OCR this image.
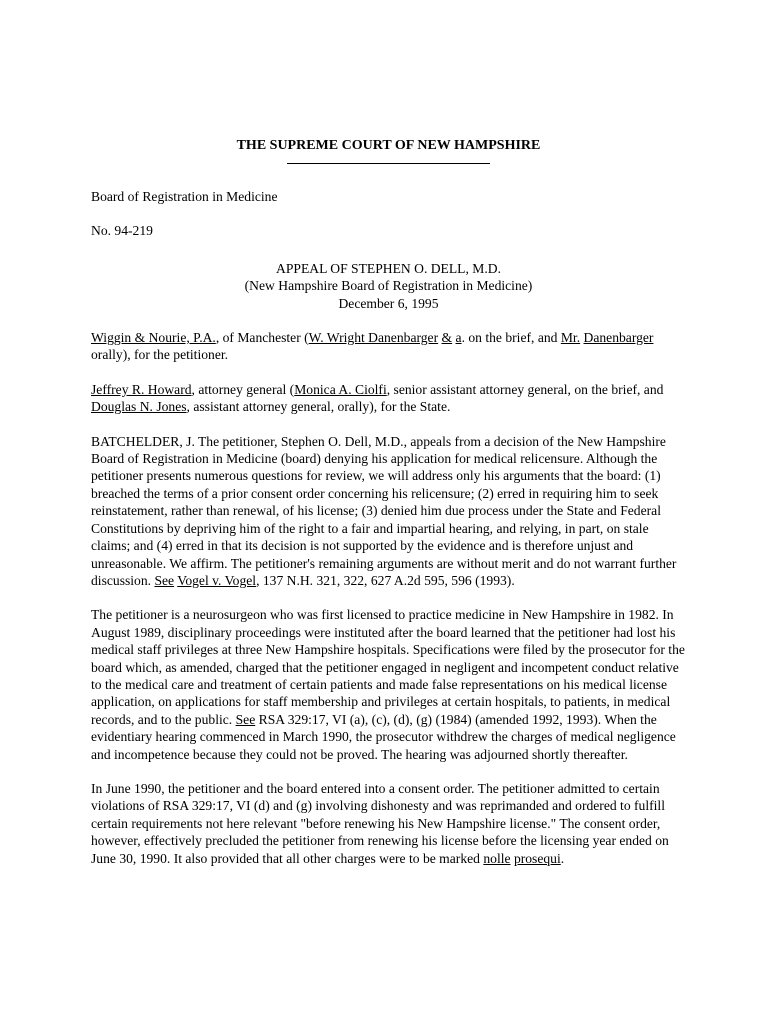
THE SUPREME COURT OF NEW HAMPSHIRE

Board of Registration in Medicine

No. 94-219

APPEAL OF STEPHEN O. DELL, M.D.
(New Hampshire Board of Registration in Medicine)
December 6, 1995

Wiggin & Nourie, P.A., of Manchester (W. Wright Danenbarger & a. on the brief, and Mr. Danenbarger orally), for the petitioner.

Jeffrey R. Howard, attorney general (Monica A. Ciolfi, senior assistant attorney general, on the brief, and Douglas N. Jones, assistant attorney general, orally), for the State.

BATCHELDER, J. The petitioner, Stephen O. Dell, M.D., appeals from a decision of the New Hampshire Board of Registration in Medicine (board) denying his application for medical relicensure. Although the petitioner presents numerous questions for review, we will address only his arguments that the board: (1) breached the terms of a prior consent order concerning his relicensure; (2) erred in requiring him to seek reinstatement, rather than renewal, of his license; (3) denied him due process under the State and Federal Constitutions by depriving him of the right to a fair and impartial hearing, and relying, in part, on stale claims; and (4) erred in that its decision is not supported by the evidence and is therefore unjust and unreasonable. We affirm. The petitioner's remaining arguments are without merit and do not warrant further discussion. See Vogel v. Vogel, 137 N.H. 321, 322, 627 A.2d 595, 596 (1993).

The petitioner is a neurosurgeon who was first licensed to practice medicine in New Hampshire in 1982. In August 1989, disciplinary proceedings were instituted after the board learned that the petitioner had lost his medical staff privileges at three New Hampshire hospitals. Specifications were filed by the prosecutor for the board which, as amended, charged that the petitioner engaged in negligent and incompetent conduct relative to the medical care and treatment of certain patients and made false representations on his medical license application, on applications for staff membership and privileges at certain hospitals, to patients, in medical records, and to the public. See RSA 329:17, VI (a), (c), (d), (g) (1984) (amended 1992, 1993). When the evidentiary hearing commenced in March 1990, the prosecutor withdrew the charges of medical negligence and incompetence because they could not be proved. The hearing was adjourned shortly thereafter.

In June 1990, the petitioner and the board entered into a consent order. The petitioner admitted to certain violations of RSA 329:17, VI (d) and (g) involving dishonesty and was reprimanded and ordered to fulfill certain requirements not here relevant "before renewing his New Hampshire license." The consent order, however, effectively precluded the petitioner from renewing his license before the licensing year ended on June 30, 1990. It also provided that all other charges were to be marked nolle prosequi.
